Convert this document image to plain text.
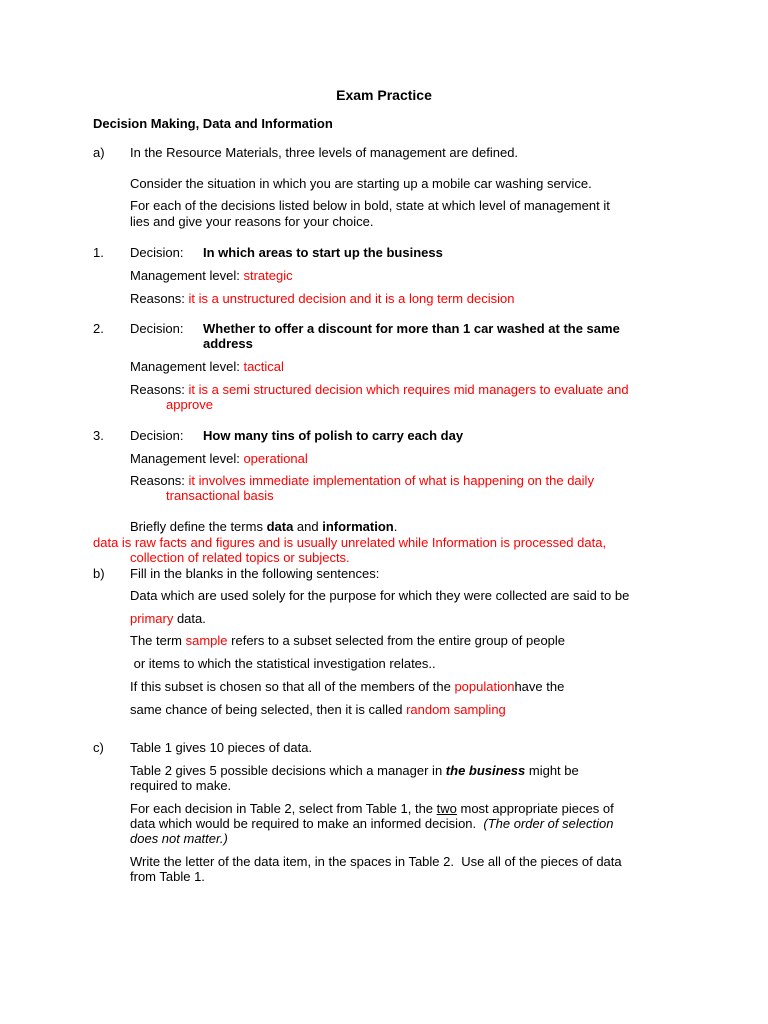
Exam Practice
Decision Making, Data and Information
a) In the Resource Materials, three levels of management are defined.
Consider the situation in which you are starting up a mobile car washing service.
For each of the decisions listed below in bold, state at which level of management it
lies and give your reasons for your choice.
1. Decision: In which areas to start up the business
Management level: strategic
Reasons: it is a unstructured decision and it is a long term decision
2. Decision: Whether to offer a discount for more than 1 car washed at the same
address
Management level: tactical
Reasons: it is a semi structured decision which requires mid managers to evaluate and
approve
3. Decision: How many tins of polish to carry each day
Management level: operational
Reasons: it involves immediate implementation of what is happening on the daily
transactional basis
Briefly define the terms data and information.
data is raw facts and figures and is usually unrelated while Information is processed data,
collection of related topics or subjects.
b) Fill in the blanks in the following sentences:
Data which are used solely for the purpose for which they were collected are said to be
primary data.
The term sample refers to a subset selected from the entire group of people
or items to which the statistical investigation relates..
If this subset is chosen so that all of the members of the populationhave the
same chance of being selected, then it is called random sampling
c) Table 1 gives 10 pieces of data.
Table 2 gives 5 possible decisions which a manager in the business might be
required to make.
For each decision in Table 2, select from Table 1, the two most appropriate pieces of
data which would be required to make an informed decision.  (The order of selection
does not matter.)
Write the letter of the data item, in the spaces in Table 2.  Use all of the pieces of data
from Table 1.
